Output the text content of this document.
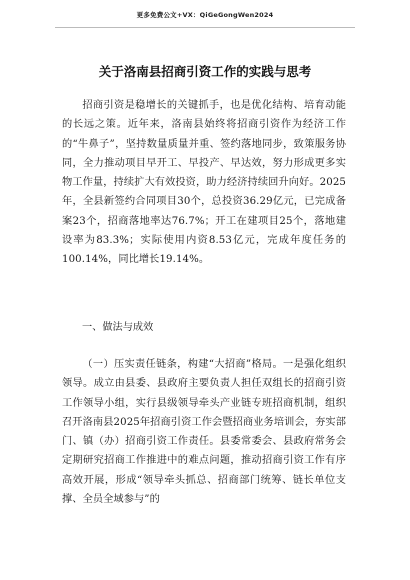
更多免费公文+VX：QiGeGongWen2024
关于洛南县招商引资工作的实践与思考

招商引资是稳增长的关键抓手，也是优化结构、培育动能的长远之策。近年来，洛南县始终将招商引资作为经济工作的“牛鼻子”，坚持数量质量并重、签约落地同步，致策服务协同，全力推动项目早开工、早投产、早达效，努力形成更多实物工作量，持续扩大有效投资，助力经济持续回升向好。2025年，全县新签约合同项目30个，总投资36.29亿元，已完成备案23个，招商落地率达76.7%；开工在建项目25个，落地建设率为83.3%；实际使用内资8.53亿元，完成年度任务的100.14%，同比增长19.14%。

一、做法与成效

（一）压实责任链条，构建“大招商”格局。一是强化组织领导。成立由县委、县政府主要负责人担任双组长的招商引资工作领导小组，实行县级领导牵头产业链专班招商机制，组织召开洛南县2025年招商引资工作会暨招商业务培训会，夯实部门、镇（办）招商引资工作责任。县委常委会、县政府常务会定期研究招商工作推进中的难点问题，推动招商引资工作有序高效开展，形成“领导牵头抓总、招商部门统筹、链长单位支撑、全员全域参与”的
